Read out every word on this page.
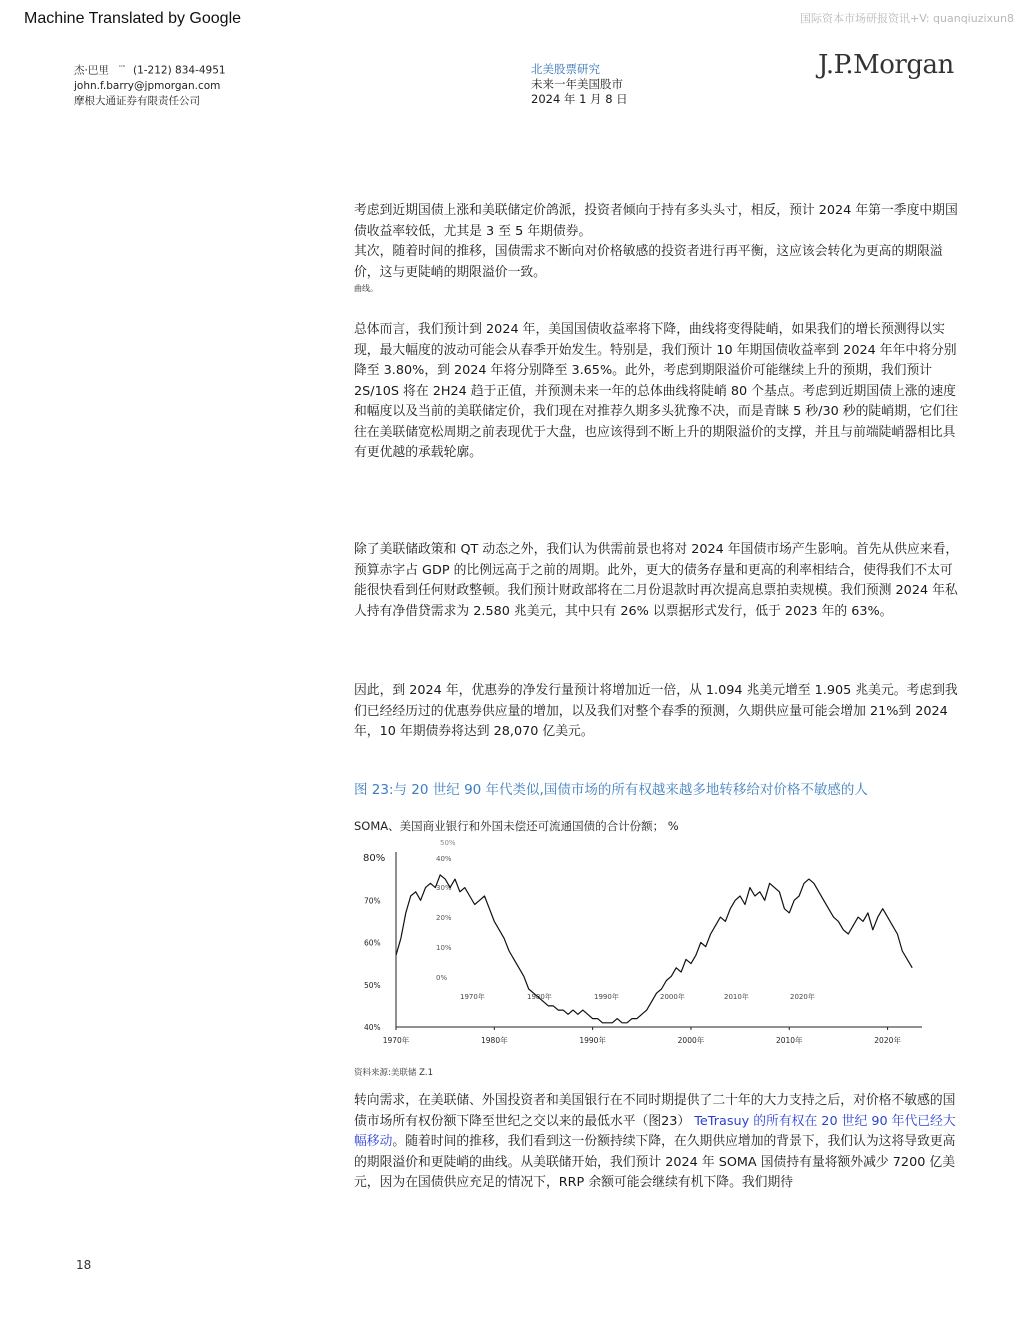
Machine Translated by Google	国际资本市场研报资讯+V: quanqiuzixun8
杰·巴里 $^{ᶜᶦᵃ}$ (1-212) 834-4951
john.f.barry@jpmorgan.com
摩根大通证券有限责任公司
北美股票研究
未来一年美国股市
2024 年 1 月 8 日
J.P.Morgan

考虑到近期国债上涨和美联储定价鸽派，投资者倾向于持有多头头寸，相反，预计 2024 年第一季度中期国债收益率较低，尤其是 3 至 5 年期债券。

其次，随着时间的推移，国债需求不断向对价格敏感的投资者进行再平衡，这应该会转化为更高的期限溢价，这与更陡峭的期限溢价一致。

曲线。

总体而言，我们预计到 2024 年，美国国债收益率将下降，曲线将变得陡峭，如果我们的增长预测得以实现，最大幅度的波动可能会从春季开始发生。特别是，我们预计 10 年期国债收益率到 2024 年年中将分别降至 3.80%，到 2024 年将分别降至 3.65%。此外，考虑到期限溢价可能继续上升的预期，我们预计 2S/10S 将在 2H24 趋于正值，并预测未来一年的总体曲线将陡峭 80 个基点。考虑到近期国债上涨的速度和幅度以及当前的美联储定价，我们现在对推荐久期多头犹豫不决，而是青睐 5 秒/30 秒的陡峭期，它们往往在美联储宽松周期之前表现优于大盘，也应该得到不断上升的期限溢价的支撑，并且与前端陡峭器相比具有更优越的承载轮廓。

除了美联储政策和 QT 动态之外，我们认为供需前景也将对 2024 年国债市场产生影响。首先从供应来看，预算赤字占 GDP 的比例远高于之前的周期。此外，更大的债务存量和更高的利率相结合，使得我们不太可能很快看到任何财政整顿。我们预计财政部将在二月份退款时再次提高息票拍卖规模。我们预测 2024 年私人持有净借贷需求为 2.580 兆美元，其中只有 26% 以票据形式发行，低于 2023 年的 63%。

因此，到 2024 年，优惠券的净发行量预计将增加近一倍，从 1.094 兆美元增至 1.905 兆美元。考虑到我们已经经历过的优惠券供应量的增加，以及我们对整个春季的预测，久期供应量可能会增加 21%到 2024 年，10 年期债券将达到 28,070 亿美元。

图 23:与 20 世纪 90 年代类似,国债市场的所有权越来越多地转移给对价格不敏感的人
SOMA、美国商业银行和外国未偿还可流通国债的合计份额； %
40%
30%
20%
10%
0%
50%
1970年	1980年	1990年	2000年	2010年	2020年
80%
70%
60%
50%
40%
1970年	1980年	1990年	2000年	2010年	2020年
资料来源:美联储 Z.1

转向需求，在美联储、外国投资者和美国银行在不同时期提供了二十年的大力支持之后，对价格不敏感的国债市场所有权份额下降至世纪之交以来的最低水平（图23） TeTrasuy 的所有权在 20 世纪 90 年代已经大幅移动。随着时间的推移，我们看到这一份额持续下降，在久期供应增加的背景下，我们认为这将导致更高的期限溢价和更陡峭的曲线。从美联储开始，我们预计 2024 年 SOMA 国债持有量将额外减少 7200 亿美元，因为在国债供应充足的情况下，RRP 余额可能会继续有机下降。我们期待

18
